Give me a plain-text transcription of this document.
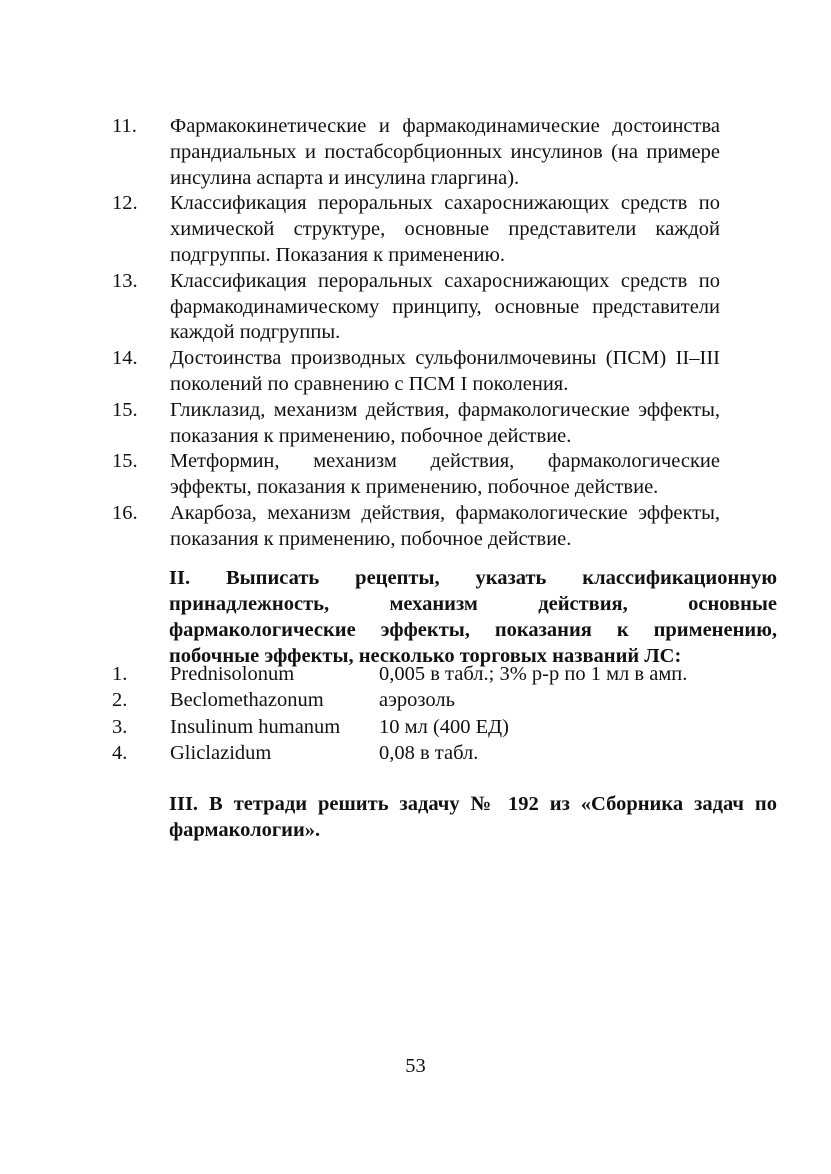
11.	Фармакокинетические и фармакодинамические достоинства прандиальных и постабсорбционных инсулинов (на примере инсулина аспарта и инсулина гларгина).
12.	Классификация пероральных сахароснижающих средств по химической структуре, основные представители каждой подгруппы. Показания к применению.
13.	Классификация пероральных сахароснижающих средств по фармакодинамическому принципу, основные представители каждой подгруппы.
14.	Достоинства производных сульфонилмочевины (ПСМ) II–III поколений по сравнению с ПСМ I поколения.
15.	Гликлазид, механизм действия, фармакологические эффекты, показания к применению, побочное действие.
15.	Метформин, механизм действия, фармакологические эффекты, показания к применению, побочное действие.
16.	Акарбоза, механизм действия, фармакологические эффекты, показания к применению, побочное действие.
II. Выписать рецепты, указать классификационную принадлежность, механизм действия, основные фармакологические эффекты, показания к применению, побочные эффекты, несколько торговых названий ЛС:
1.	Prednisolonum	0,005 в табл.; 3% р-р по 1 мл в амп.
2.	Beclomethazonum	аэрозоль
3.	Insulinum humanum	10 мл (400 ЕД)
4.	Gliclazidum	0,08 в табл.
III. В тетради решить задачу № 192 из «Сборника задач по фармакологии».
53
